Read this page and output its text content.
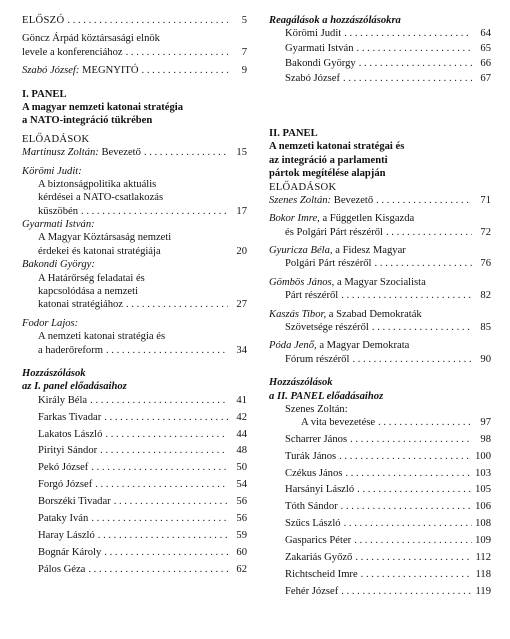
ELŐSZÓ . . .	5
Göncz Árpád köztársasági elnök
levele a konferenciához . . .	7
Szabó József: MEGNYITÓ . . .	9
I. PANEL
A magyar nemzeti katonai stratégia
a NATO-integráció tükrében
ELŐADÁSOK
Martinusz Zoltán: Bevezető . . .	15
Körömi Judit:
A biztonságpolitika aktuális
kérdései a NATO-csatlakozás
küszöbén . . .	17
Gyarmati István:
A Magyar Köztársaság nemzeti
érdekei és katonai stratégiája	20
Bakondi György:
A Határőrség feladatai és
kapcsolódása a nemzeti
katonai stratégiához . . .	27
Fodor Lajos:
A nemzeti katonai stratégia és
a haderőreform . . .	34
Hozzászólások
az I. panel előadásaihoz
Király Béla . . .	41
Farkas Tivadar . . .	42
Lakatos László . . .	44
Pirityi Sándor . . .	48
Pekó József . . .	50
Forgó József . . .	54
Borszéki Tivadar . . .	56
Pataky Iván . . .	56
Haray László . . .	59
Bognár Károly . . .	60
Pálos Géza . . .	62
Reagálások a hozzászólásokra
Körömi Judit . . .	64
Gyarmati István . . .	65
Bakondi György . . .	66
Szabó József . . .	67
II. PANEL
A nemzeti katonai stratégai és
az integráció a parlamenti
pártok megítélése alapján
ELŐADÁSOK
Szenes Zoltán: Bevezető . . .	71
Bokor Imre, a Független Kisgazda
és Polgári Párt részéről . . .	72
Gyuricza Béla, a Fidesz Magyar
Polgári Párt részéről . . .	76
Gömbös János, a Magyar Szocialista
Párt részéről . . .	82
Kaszás Tibor, a Szabad Demokraták
Szövetsége részéről . . .	85
Póda Jenő, a Magyar Demokrata
Fórum részéről . . .	90
Hozzászólások
a II. PANEL előadásaihoz
Szenes Zoltán:
A vita bevezetése . . .	97
Scharrer János . . .	98
Turák János . . .	100
Czékus János . . .	103
Harsányi László . . .	105
Tóth Sándor . . .	106
Szűcs László . . .	108
Gasparics Péter . . .	109
Zakariás Győző . . .	112
Richtscheid Imre . . .	118
Fehér József . . .	119
